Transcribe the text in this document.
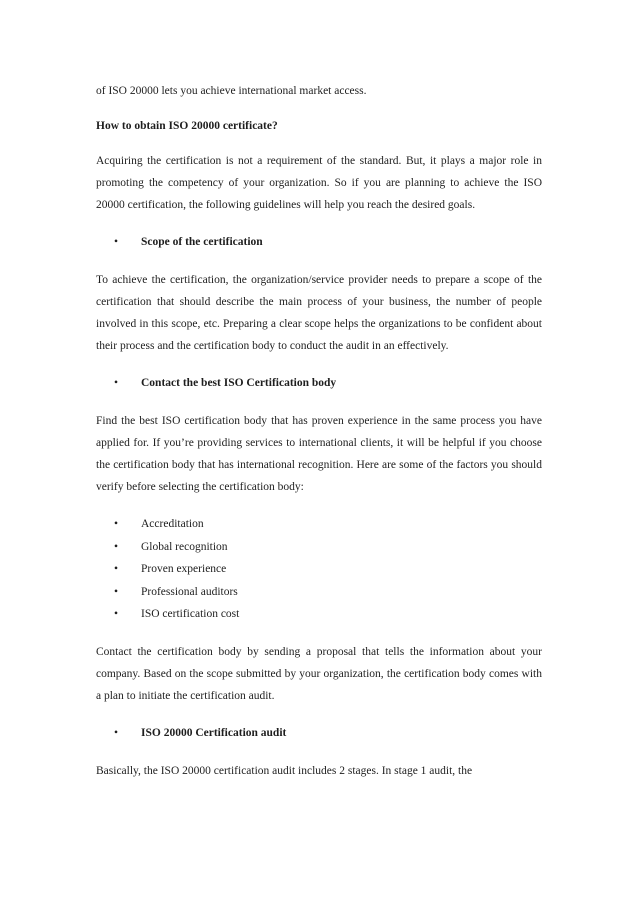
of ISO 20000 lets you achieve international market access.

How to obtain ISO 20000 certificate?

Acquiring the certification is not a requirement of the standard. But, it plays a major role in promoting the competency of your organization. So if you are planning to achieve the ISO 20000 certification, the following guidelines will help you reach the desired goals.

•	Scope of the certification

To achieve the certification, the organization/service provider needs to prepare a scope of the certification that should describe the main process of your business, the number of people involved in this scope, etc. Preparing a clear scope helps the organizations to be confident about their process and the certification body to conduct the audit in an effectively.

•	Contact the best ISO Certification body

Find the best ISO certification body that has proven experience in the same process you have applied for. If you’re providing services to international clients, it will be helpful if you choose the certification body that has international recognition. Here are some of the factors you should verify before selecting the certification body:

•	Accreditation
•	Global recognition
•	Proven experience
•	Professional auditors
•	ISO certification cost

Contact the certification body by sending a proposal that tells the information about your company. Based on the scope submitted by your organization, the certification body comes with a plan to initiate the certification audit.

•	ISO 20000 Certification audit

Basically, the ISO 20000 certification audit includes 2 stages. In stage 1 audit, the
